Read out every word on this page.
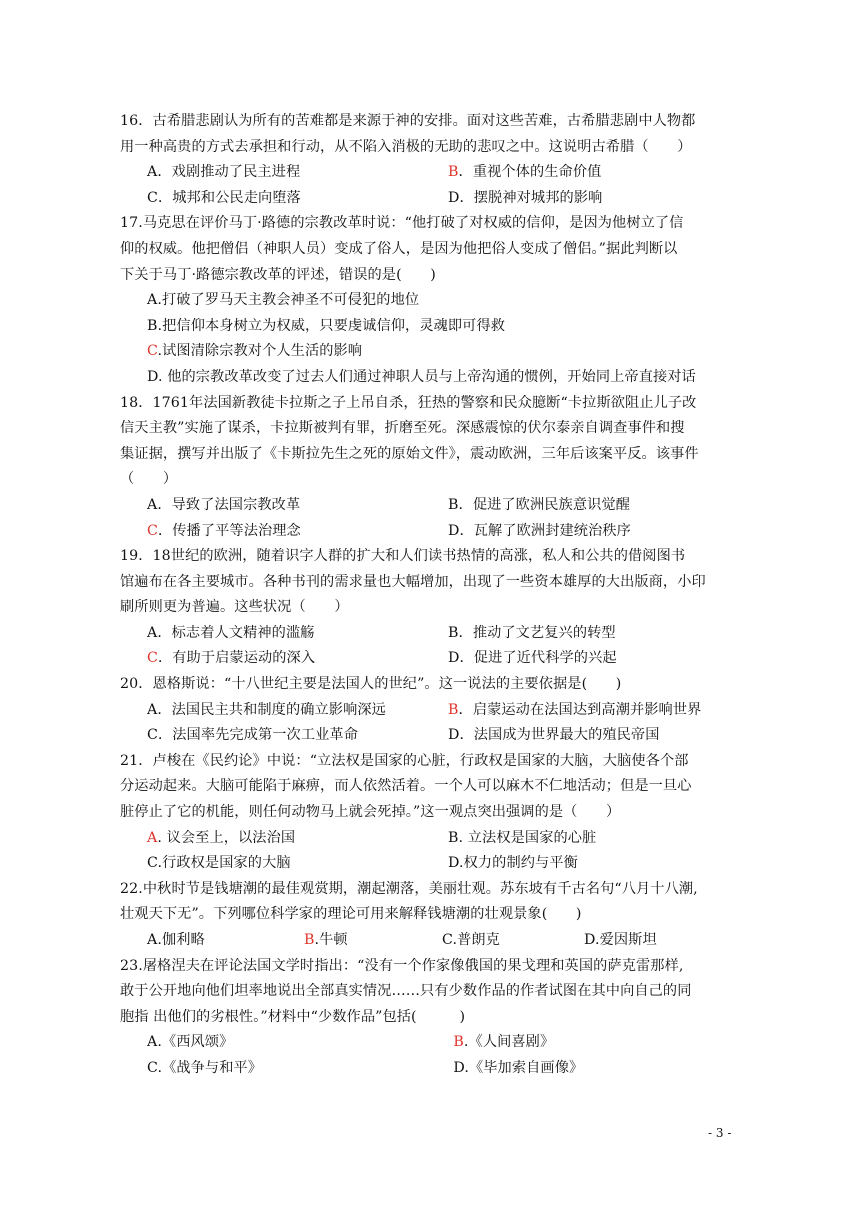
16．古希腊悲剧认为所有的苦难都是来源于神的安排。面对这些苦难，古希腊悲剧中人物都
用一种高贵的方式去承担和行动，从不陷入消极的无助的悲叹之中。这说明古希腊（　　）
A．戏剧推动了民主进程	B．重视个体的生命价值
C．城邦和公民走向堕落	D．摆脱神对城邦的影响
17.马克思在评价马丁·路德的宗教改革时说：“他打破了对权威的信仰，是因为他树立了信
仰的权威。他把僧侣（神职人员）变成了俗人，是因为他把俗人变成了僧侣。”据此判断以
下关于马丁·路德宗教改革的评述，错误的是(　　)
A.打破了罗马天主教会神圣不可侵犯的地位
B.把信仰本身树立为权威，只要虔诚信仰，灵魂即可得救
C.试图清除宗教对个人生活的影响
D. 他的宗教改革改变了过去人们通过神职人员与上帝沟通的惯例，开始同上帝直接对话
18．1761年法国新教徒卡拉斯之子上吊自杀，狂热的警察和民众臆断“卡拉斯欲阻止儿子改
信天主教”实施了谋杀，卡拉斯被判有罪，折磨至死。深感震惊的伏尔泰亲自调查事件和搜
集证据，撰写并出版了《卡斯拉先生之死的原始文件》，震动欧洲，三年后该案平反。该事件
（　　）
A．导致了法国宗教改革	B．促进了欧洲民族意识觉醒
C．传播了平等法治理念	D．瓦解了欧洲封建统治秩序
19．18世纪的欧洲，随着识字人群的扩大和人们读书热情的高涨，私人和公共的借阅图书
馆遍布在各主要城市。各种书刊的需求量也大幅增加，出现了一些资本雄厚的大出版商，小印
刷所则更为普遍。这些状况（　　）
A．标志着人文精神的滥觞	B．推动了文艺复兴的转型
C．有助于启蒙运动的深入	D．促进了近代科学的兴起
20．恩格斯说：“十八世纪主要是法国人的世纪”。这一说法的主要依据是(　　)
A．法国民主共和制度的确立影响深远	B．启蒙运动在法国达到高潮并影响世界
C．法国率先完成第一次工业革命	D．法国成为世界最大的殖民帝国
21．卢梭在《民约论》中说：“立法权是国家的心脏，行政权是国家的大脑，大脑使各个部
分运动起来。大脑可能陷于麻痹，而人依然活着。一个人可以麻木不仁地活动；但是一旦心
脏停止了它的机能，则任何动物马上就会死掉。”这一观点突出强调的是（　　）
A. 议会至上，以法治国	B. 立法权是国家的心脏
C.行政权是国家的大脑	D.权力的制约与平衡
22.中秋时节是钱塘潮的最佳观赏期，潮起潮落，美丽壮观。苏东坡有千古名句“八月十八潮,
壮观天下无”。下列哪位科学家的理论可用来解释钱塘潮的壮观景象(　　)
A.伽利略	B.牛顿	C.普朗克	D.爱因斯坦
23.屠格涅夫在评论法国文学时指出：“没有一个作家像俄国的果戈理和英国的萨克雷那样,
敢于公开地向他们坦率地说出全部真实情况……只有少数作品的作者试图在其中向自己的同
胞指 出他们的劣根性。”材料中“少数作品”包括(　　　)
A.《西风颂》	B.《人间喜剧》
C.《战争与和平》	D.《毕加索自画像》
- 3 -
